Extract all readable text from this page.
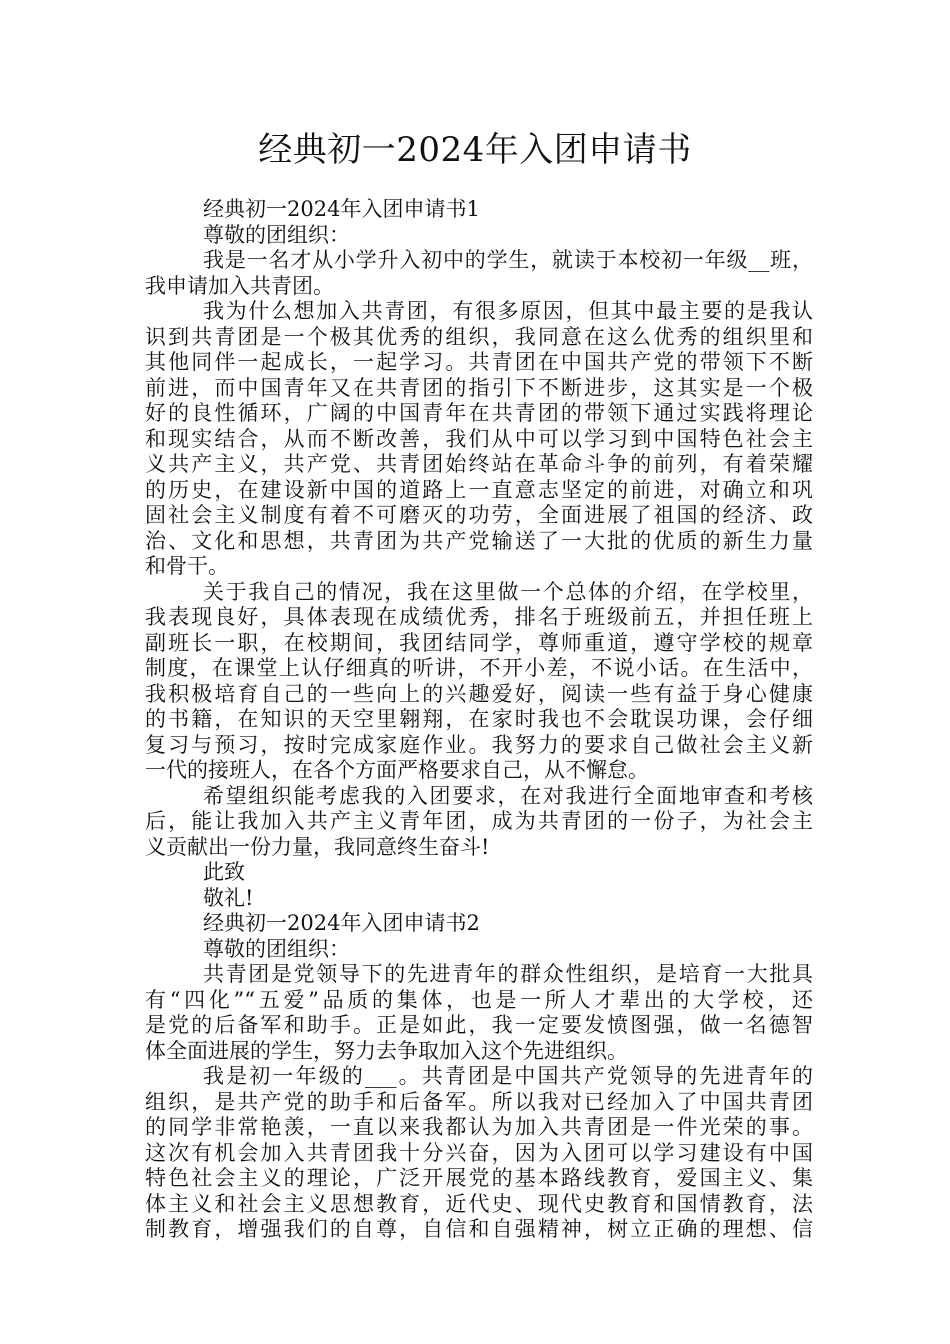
经典初一2024年入团申请书
经典初一2024年入团申请书1
尊敬的团组织：
我是一名才从小学升入初中的学生，就读于本校初一年级__班，
我申请加入共青团。
我为什么想加入共青团，有很多原因，但其中最主要的是我认
识到共青团是一个极其优秀的组织，我同意在这么优秀的组织里和
其他同伴一起成长，一起学习。共青团在中国共产党的带领下不断
前进，而中国青年又在共青团的指引下不断进步，这其实是一个极
好的良性循环，广阔的中国青年在共青团的带领下通过实践将理论
和现实结合，从而不断改善，我们从中可以学习到中国特色社会主
义共产主义，共产党、共青团始终站在革命斗争的前列，有着荣耀
的历史，在建设新中国的道路上一直意志坚定的前进，对确立和巩
固社会主义制度有着不可磨灭的功劳，全面进展了祖国的经济、政
治、文化和思想，共青团为共产党输送了一大批的优质的新生力量
和骨干。
关于我自己的情况，我在这里做一个总体的介绍，在学校里，
我表现良好，具体表现在成绩优秀，排名于班级前五，并担任班上
副班长一职，在校期间，我团结同学，尊师重道，遵守学校的规章
制度，在课堂上认仔细真的听讲，不开小差，不说小话。在生活中，
我积极培育自己的一些向上的兴趣爱好，阅读一些有益于身心健康
的书籍，在知识的天空里翱翔，在家时我也不会耽误功课，会仔细
复习与预习，按时完成家庭作业。我努力的要求自己做社会主义新
一代的接班人，在各个方面严格要求自己，从不懈怠。
希望组织能考虑我的入团要求，在对我进行全面地审查和考核
后，能让我加入共产主义青年团，成为共青团的一份子，为社会主
义贡献出一份力量，我同意终生奋斗!
此致
敬礼!
经典初一2024年入团申请书2
尊敬的团组织：
共青团是党领导下的先进青年的群众性组织，是培育一大批具
有“四化”“五爱”品质的集体，也是一所人才辈出的大学校，还
是党的后备军和助手。正是如此，我一定要发愤图强，做一名德智
体全面进展的学生，努力去争取加入这个先进组织。
我是初一年级的___。共青团是中国共产党领导的先进青年的
组织，是共产党的助手和后备军。所以我对已经加入了中国共青团
的同学非常艳羡，一直以来我都认为加入共青团是一件光荣的事。
这次有机会加入共青团我十分兴奋，因为入团可以学习建设有中国
特色社会主义的理论，广泛开展党的基本路线教育，爱国主义、集
体主义和社会主义思想教育，近代史、现代史教育和国情教育，法
制教育，增强我们的自尊，自信和自强精神，树立正确的理想、信
